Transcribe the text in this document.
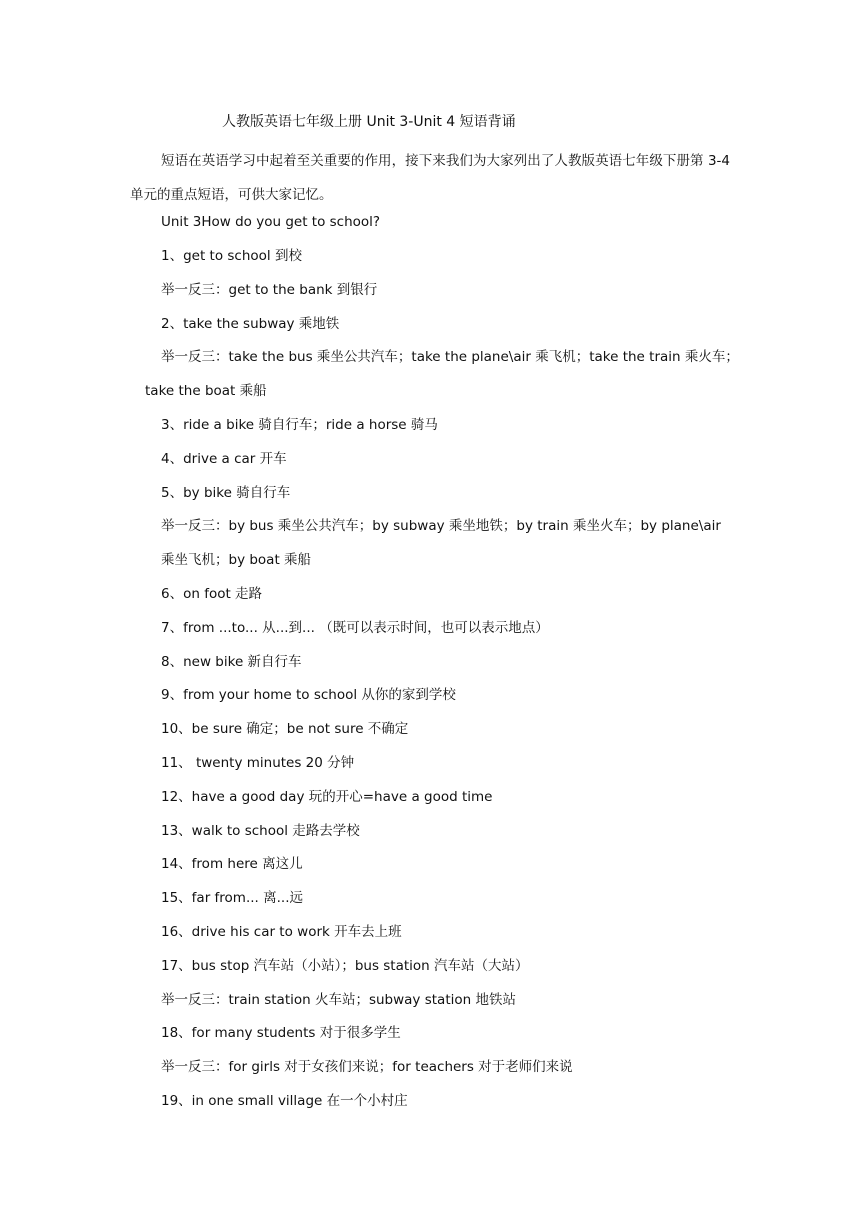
人教版英语七年级上册 Unit 3-Unit 4 短语背诵
短语在英语学习中起着至关重要的作用，接下来我们为大家列出了人教版英语七年级下册第 3-4 单元的重点短语，可供大家记忆。
Unit 3How do you get to school?
1、get to school 到校
举一反三：get to the bank 到银行
2、take the subway 乘地铁
举一反三：take the bus 乘坐公共汽车；take the plane\air 乘飞机；take the train 乘火车；
take the boat 乘船
3、ride a bike 骑自行车；ride a horse 骑马
4、drive a car 开车
5、by bike 骑自行车
举一反三：by bus 乘坐公共汽车；by subway 乘坐地铁；by train 乘坐火车；by plane\air
乘坐飞机；by boat 乘船
6、on foot 走路
7、from ...to... 从...到... （既可以表示时间，也可以表示地点）
8、new bike 新自行车
9、from your home to school 从你的家到学校
10、be sure 确定；be not sure 不确定
11、 twenty minutes 20 分钟
12、have a good day 玩的开心=have a good time
13、walk to school 走路去学校
14、from here 离这儿
15、far from... 离...远
16、drive his car to work 开车去上班
17、bus stop 汽车站（小站）；bus station 汽车站（大站）
举一反三：train station 火车站；subway station 地铁站
18、for many students 对于很多学生
举一反三：for girls 对于女孩们来说；for teachers 对于老师们来说
19、in one small village 在一个小村庄
